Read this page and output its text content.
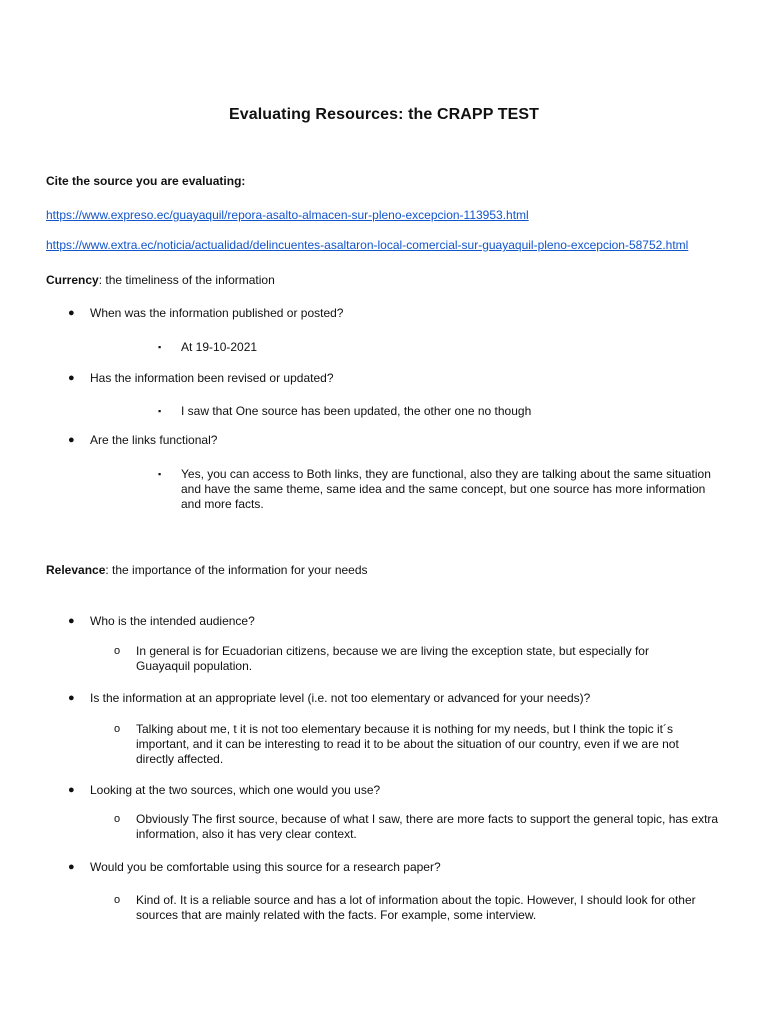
Evaluating Resources: the CRAPP TEST
Cite the source you are evaluating:
https://www.expreso.ec/guayaquil/repora-asalto-almacen-sur-pleno-excepcion-113953.html
https://www.extra.ec/noticia/actualidad/delincuentes-asaltaron-local-comercial-sur-guayaquil-pleno-excepcion-58752.html
Currency: the timeliness of the information
● When was the information published or posted?
▪ At 19-10-2021
● Has the information been revised or updated?
▪ I saw that One source has been updated, the other one no though
● Are the links functional?
▪ Yes, you can access to Both links, they are functional, also they are talking about the same situation and have the same theme, same idea and the same concept, but one source has more information and more facts.
Relevance: the importance of the information for your needs
● Who is the intended audience?
o In general is for Ecuadorian citizens, because we are living the exception state, but especially for Guayaquil population.
● Is the information at an appropriate level (i.e. not too elementary or advanced for your needs)?
o Talking about me, t it is not too elementary because it is nothing for my needs, but I think the topic it´s important, and it can be interesting to read it to be about the situation of our country, even if we are not directly affected.
● Looking at the two sources, which one would you use?
o Obviously The first source, because of what I saw, there are more facts to support the general topic, has extra information, also it has very clear context.
● Would you be comfortable using this source for a research paper?
o Kind of. It is a reliable source and has a lot of information about the topic. However, I should look for other sources that are mainly related with the facts. For example, some interview.
